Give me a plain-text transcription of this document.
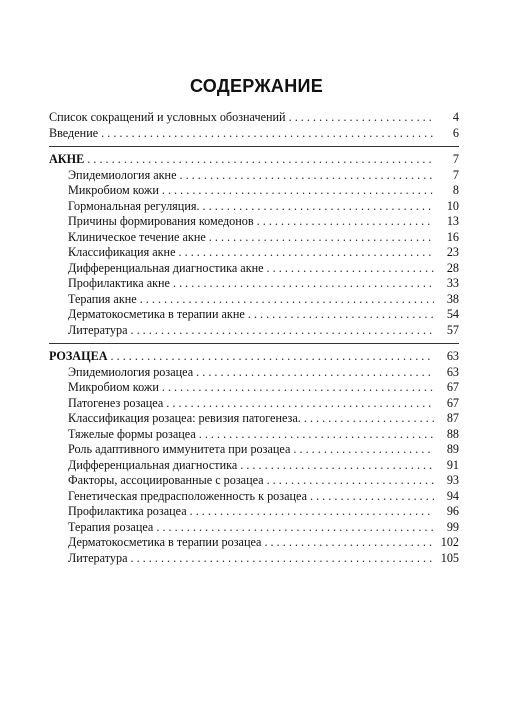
СОДЕРЖАНИЕ
Список сокращений и условных обозначений . . .	4
Введение . . .	6
АКНЕ . . .	7
Эпидемиология акне . . .	7
Микробиом кожи . . .	8
Гормональная регуляция. . . .	10
Причины формирования комедонов . . .	13
Клиническое течение акне . . .	16
Классификация акне . . .	23
Дифференциальная диагностика акне . . .	28
Профилактика акне . . .	33
Терапия акне . . .	38
Дерматокосметика в терапии акне . . .	54
Литература . . .	57
РОЗАЦЕА . . .	63
Эпидемиология розацеа . . .	63
Микробиом кожи . . .	67
Патогенез розацеа . . .	67
Классификация розацеа: ревизия патогенеза. . . .	87
Тяжелые формы розацеа . . .	88
Роль адаптивного иммунитета при розацеа . . .	89
Дифференциальная диагностика . . .	91
Факторы, ассоциированные с розацеа . . .	93
Генетическая предрасположенность к розацеа . . .	94
Профилактика розацеа . . .	96
Терапия розацеа . . .	99
Дерматокосметика в терапии розацеа . . .	102
Литература . . .	105
